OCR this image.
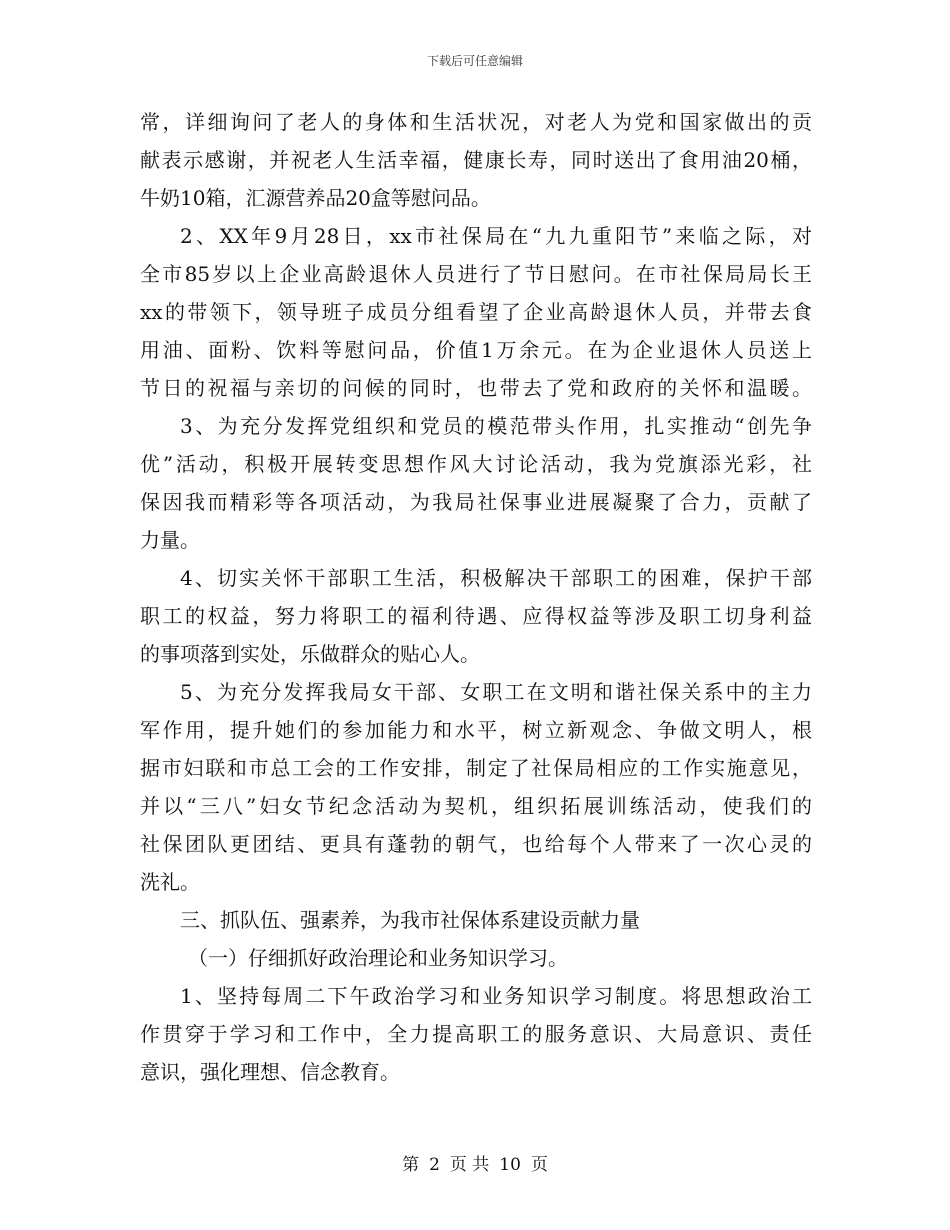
下载后可任意编辑
常，详细询问了老人的身体和生活状况，对老人为党和国家做出的贡
献表示感谢，并祝老人生活幸福，健康长寿，同时送出了食用油20桶，
牛奶10箱，汇源营养品20盒等慰问品。
2、XX年9月28日，xx市社保局在“九九重阳节”来临之际，对
全市85岁以上企业高龄退休人员进行了节日慰问。在市社保局局长王
xx的带领下，领导班子成员分组看望了企业高龄退休人员，并带去食
用油、面粉、饮料等慰问品，价值1万余元。在为企业退休人员送上
节日的祝福与亲切的问候的同时，也带去了党和政府的关怀和温暖。
3、为充分发挥党组织和党员的模范带头作用，扎实推动“创先争
优”活动，积极开展转变思想作风大讨论活动，我为党旗添光彩，社
保因我而精彩等各项活动，为我局社保事业进展凝聚了合力，贡献了
力量。
4、切实关怀干部职工生活，积极解决干部职工的困难，保护干部
职工的权益，努力将职工的福利待遇、应得权益等涉及职工切身利益
的事项落到实处，乐做群众的贴心人。
5、为充分发挥我局女干部、女职工在文明和谐社保关系中的主力
军作用，提升她们的参加能力和水平，树立新观念、争做文明人，根
据市妇联和市总工会的工作安排，制定了社保局相应的工作实施意见，
并以“三八”妇女节纪念活动为契机，组织拓展训练活动，使我们的
社保团队更团结、更具有蓬勃的朝气，也给每个人带来了一次心灵的
洗礼。
三、抓队伍、强素养，为我市社保体系建设贡献力量
（一）仔细抓好政治理论和业务知识学习。
1、坚持每周二下午政治学习和业务知识学习制度。将思想政治工
作贯穿于学习和工作中，全力提高职工的服务意识、大局意识、责任
意识，强化理想、信念教育。
第 2 页 共 10 页
